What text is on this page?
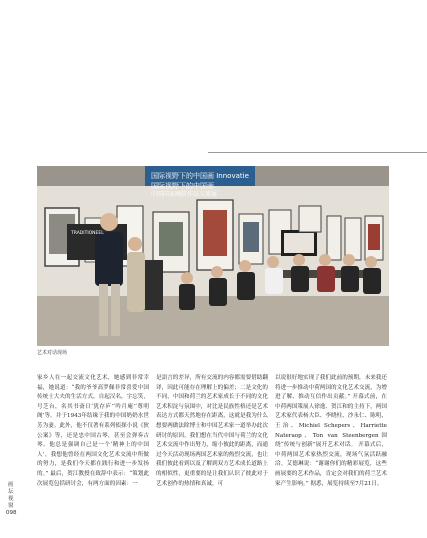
国际视野下的中国画 Innovatie
国际视野下的中国画
中国国家画院作品交流展
TRADITIONEEL
艺术对话现场

家乡人在一起交流文化艺术，她感到非常幸福，她说道：“我的爷爷高罗佩非常喜爱中国传统士大夫的生活方式，自起汉名，字忘笑，号芝台，名其书斋日‘犹存庐’‘吟月庵’‘尊明阁’等。并于1943年结缘于我的中国奶奶水世芳为妻。此外，他不仅著有系列侦探小说《狄公案》等，还是忠中国古琴，甚至会弹奏古琴。他总是强调自己是一个‘精神上的中国人’。我想他曾经在两国文化艺术交流中所做的努力，是我们今天都在践行和进一步发扬的。” 最后，贺江教授在致辞中表示：“策划此次展览包括研讨会，有两方面的因素：一

是語言的差异，所有交流的内容都需要借助翻译，因此可能存在理解上的偏差；二是文化的不同，中国和荷兰的艺术家成长于不同的文化艺术积淀与氛围中，对比是民族性格还是艺术表达方式都天然地存在距离，这就是我为什么想要两做法除博士和中国艺术家一道举办此次研讨的原因。我们想在当代中国与荷兰的文化艺术交流中作出努力，缩小彼此的距离，而通过今天活动现场两国艺术家的热烈交流，也让我们彼此看到以及了解到双方艺术成长道路上的相似性，更重要的是让我们认识了彼此对于艺术创作的热情和真诚，可

以说很好地实现了我们此前的预期，未来我还将进一步推动中荷两国的文化艺术交流，为增进了解、推动互信作出贡献。” 开幕式前，在中荷两国策展人徐逸、贺江和的主持下，两国艺术家代表杨大臣、李晓柱、沙永仁、陈明、王治、Michiel Schepers、Harriette Nateraop、Ton van Steenbergen围绕“传统与创新”展开艺术对话。 开幕式后，中荷两国艺术家热烈交流，现场气氛活跃融洽。艾德琳说：“谢谢你们的精彩展览，这些画展要的艺术作品，肯定会对我们的荷兰艺术家产生影响。” 据悉，展览持续至7月21日。

画坛视窗
098
